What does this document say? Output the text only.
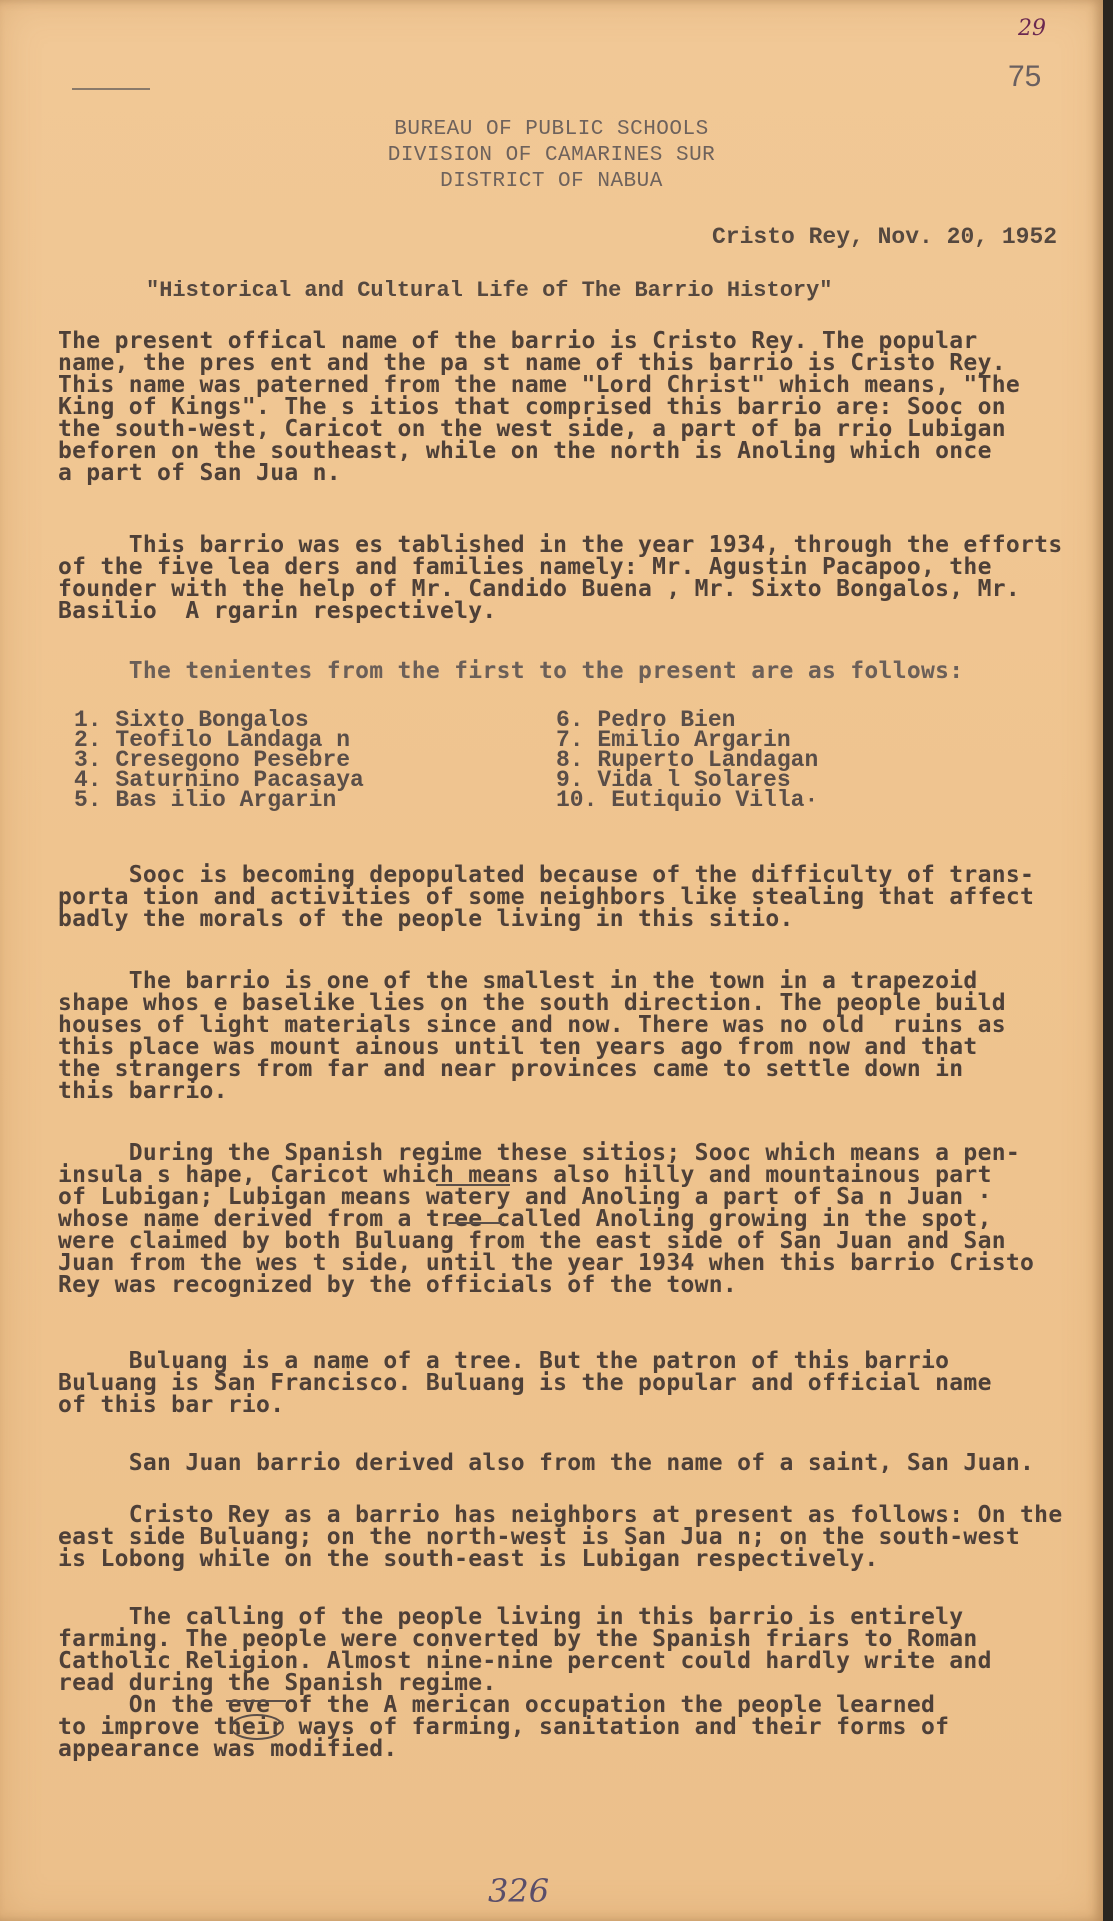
29
75
BUREAU OF PUBLIC SCHOOLS
DIVISION OF CAMARINES SUR
DISTRICT OF NABUA
Cristo Rey, Nov. 20, 1952
"Historical and Cultural Life of The Barrio History"
The present offical name of the barrio is Cristo Rey. The popular
name, the pres ent and the pa st name of this barrio is Cristo Rey.
This name was paterned from the name "Lord Christ" which means, "The
King of Kings". The s itios that comprised this barrio are: Sooc on
the south-west, Caricot on the west side, a part of ba rrio Lubigan
beforen on the southeast, while on the north is Anoling which once
a part of San Jua n.
This barrio was es tablished in the year 1934, through the efforts
of the five lea ders and families namely: Mr. Agustin Pacapoo, the
founder with the help of Mr. Candido Buena , Mr. Sixto Bongalos, Mr.
Basilio  A rgarin respectively.
The tenientes from the first to the present are as follows:
1. Sixto Bongalos
2. Teofilo Landaga n
3. Cresegono Pesebre
4. Saturnino Pacasaya
5. Bas ilio Argarin
6. Pedro Bien
7. Emilio Argarin
8. Ruperto Landagan
9. Vida l Solares
10. Eutiquio Villa·
Sooc is becoming depopulated because of the difficulty of trans-
porta tion and activities of some neighbors like stealing that affect
badly the morals of the people living in this sitio.
The barrio is one of the smallest in the town in a trapezoid
shape whos e baselike lies on the south direction. The people build
houses of light materials since and now. There was no old  ruins as
this place was mount ainous until ten years ago from now and that
the strangers from far and near provinces came to settle down in
this barrio.
During the Spanish regime these sitios; Sooc which means a pen-
insula s hape, Caricot which means also hilly and mountainous part
of Lubigan; Lubigan means watery and Anoling a part of Sa n Juan ·
whose name derived from a tree called Anoling growing in the spot,
were claimed by both Buluang from the east side of San Juan and San
Juan from the wes t side, until the year 1934 when this barrio Cristo
Rey was recognized by the officials of the town.
Buluang is a name of a tree. But the patron of this barrio
Buluang is San Francisco. Buluang is the popular and official name
of this bar rio.
San Juan barrio derived also from the name of a saint, San Juan.
Cristo Rey as a barrio has neighbors at present as follows: On the
east side Buluang; on the north-west is San Jua n; on the south-west
is Lobong while on the south-east is Lubigan respectively.
The calling of the people living in this barrio is entirely
farming. The people were converted by the Spanish friars to Roman
Catholic Religion. Almost nine-nine percent could hardly write and
read during the Spanish regime.
On the eve of the A merican occupation the people learned
to improve their ways of farming, sanitation and their forms of
appearance was modified.
326
